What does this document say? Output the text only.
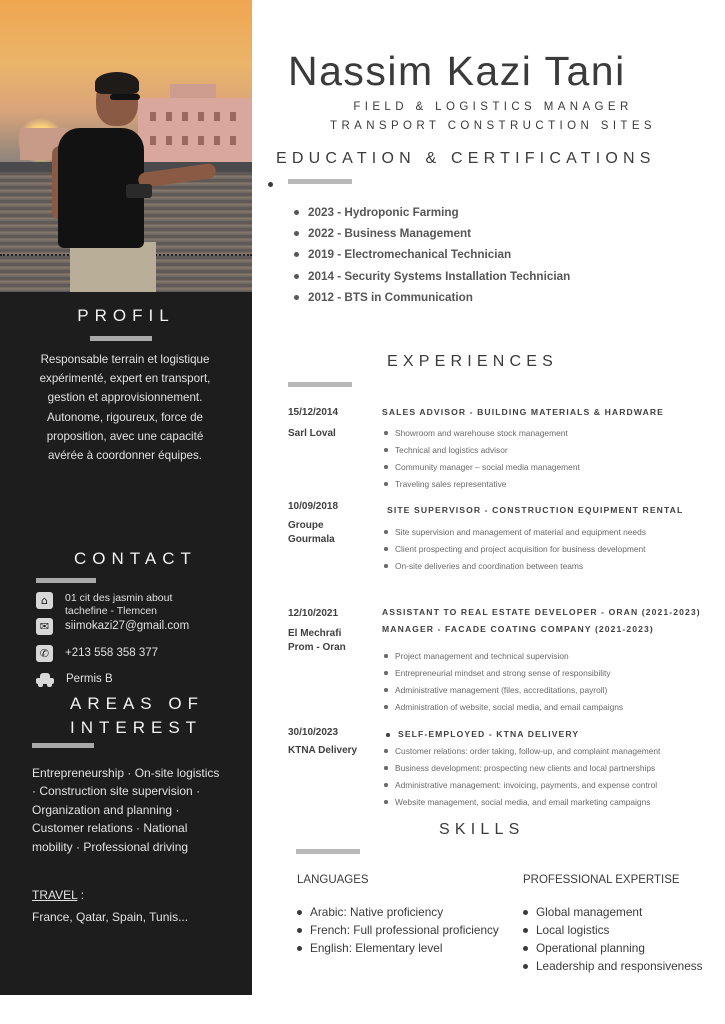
PROFIL
Responsable terrain et logistique expérimenté, expert en transport, gestion et approvisionnement. Autonome, rigoureux, force de proposition, avec une capacité avérée à coordonner équipes.
CONTACT
⌂	01 cit des jasmin about
tachefine - Tlemcen
✉	siimokazi27@gmail.com
✆	+213 558 358 377
Permis B
AREAS OF
INTEREST
Entrepreneurship · On-site logistics · Construction site supervision · Organization and planning · Customer relations · National mobility · Professional driving
TRAVEL :
France, Qatar, Spain, Tunis...
Nassim Kazi Tani
FIELD & LOGISTICS MANAGER
TRANSPORT CONSTRUCTION SITES
EDUCATION & CERTIFICATIONS
2023 - Hydroponic Farming
2022 - Business Management
2019 - Electromechanical Technician
2014 - Security Systems Installation Technician
2012 - BTS in Communication
EXPERIENCES
15/12/2014
Sarl Loval
SALES ADVISOR - BUILDING MATERIALS & HARDWARE
Showroom and warehouse stock management
Technical and logistics advisor
Community manager – social media management
Traveling sales representative
10/09/2018
Groupe
Gourmala
SITE SUPERVISOR - CONSTRUCTION EQUIPMENT RENTAL
Site supervision and management of material and equipment needs
Client prospecting and project acquisition for business development
On-site deliveries and coordination between teams
12/10/2021
El Mechrafi
Prom - Oran
ASSISTANT TO REAL ESTATE DEVELOPER - ORAN (2021-2023)
MANAGER - FACADE COATING COMPANY (2021-2023)
Project management and technical supervision
Entrepreneurial mindset and strong sense of responsibility
Administrative management (files, accreditations, payroll)
Administration of website, social media, and email campaigns
30/10/2023
KTNA Delivery
SELF-EMPLOYED - KTNA DELIVERY
Customer relations: order taking, follow-up, and complaint management
Business development: prospecting new clients and local partnerships
Administrative management: invoicing, payments, and expense control
Website management, social media, and email marketing campaigns
SKILLS
LANGUAGES
Arabic: Native proficiency
French: Full professional proficiency
English: Elementary level
PROFESSIONAL EXPERTISE
Global management
Local logistics
Operational planning
Leadership and responsiveness
